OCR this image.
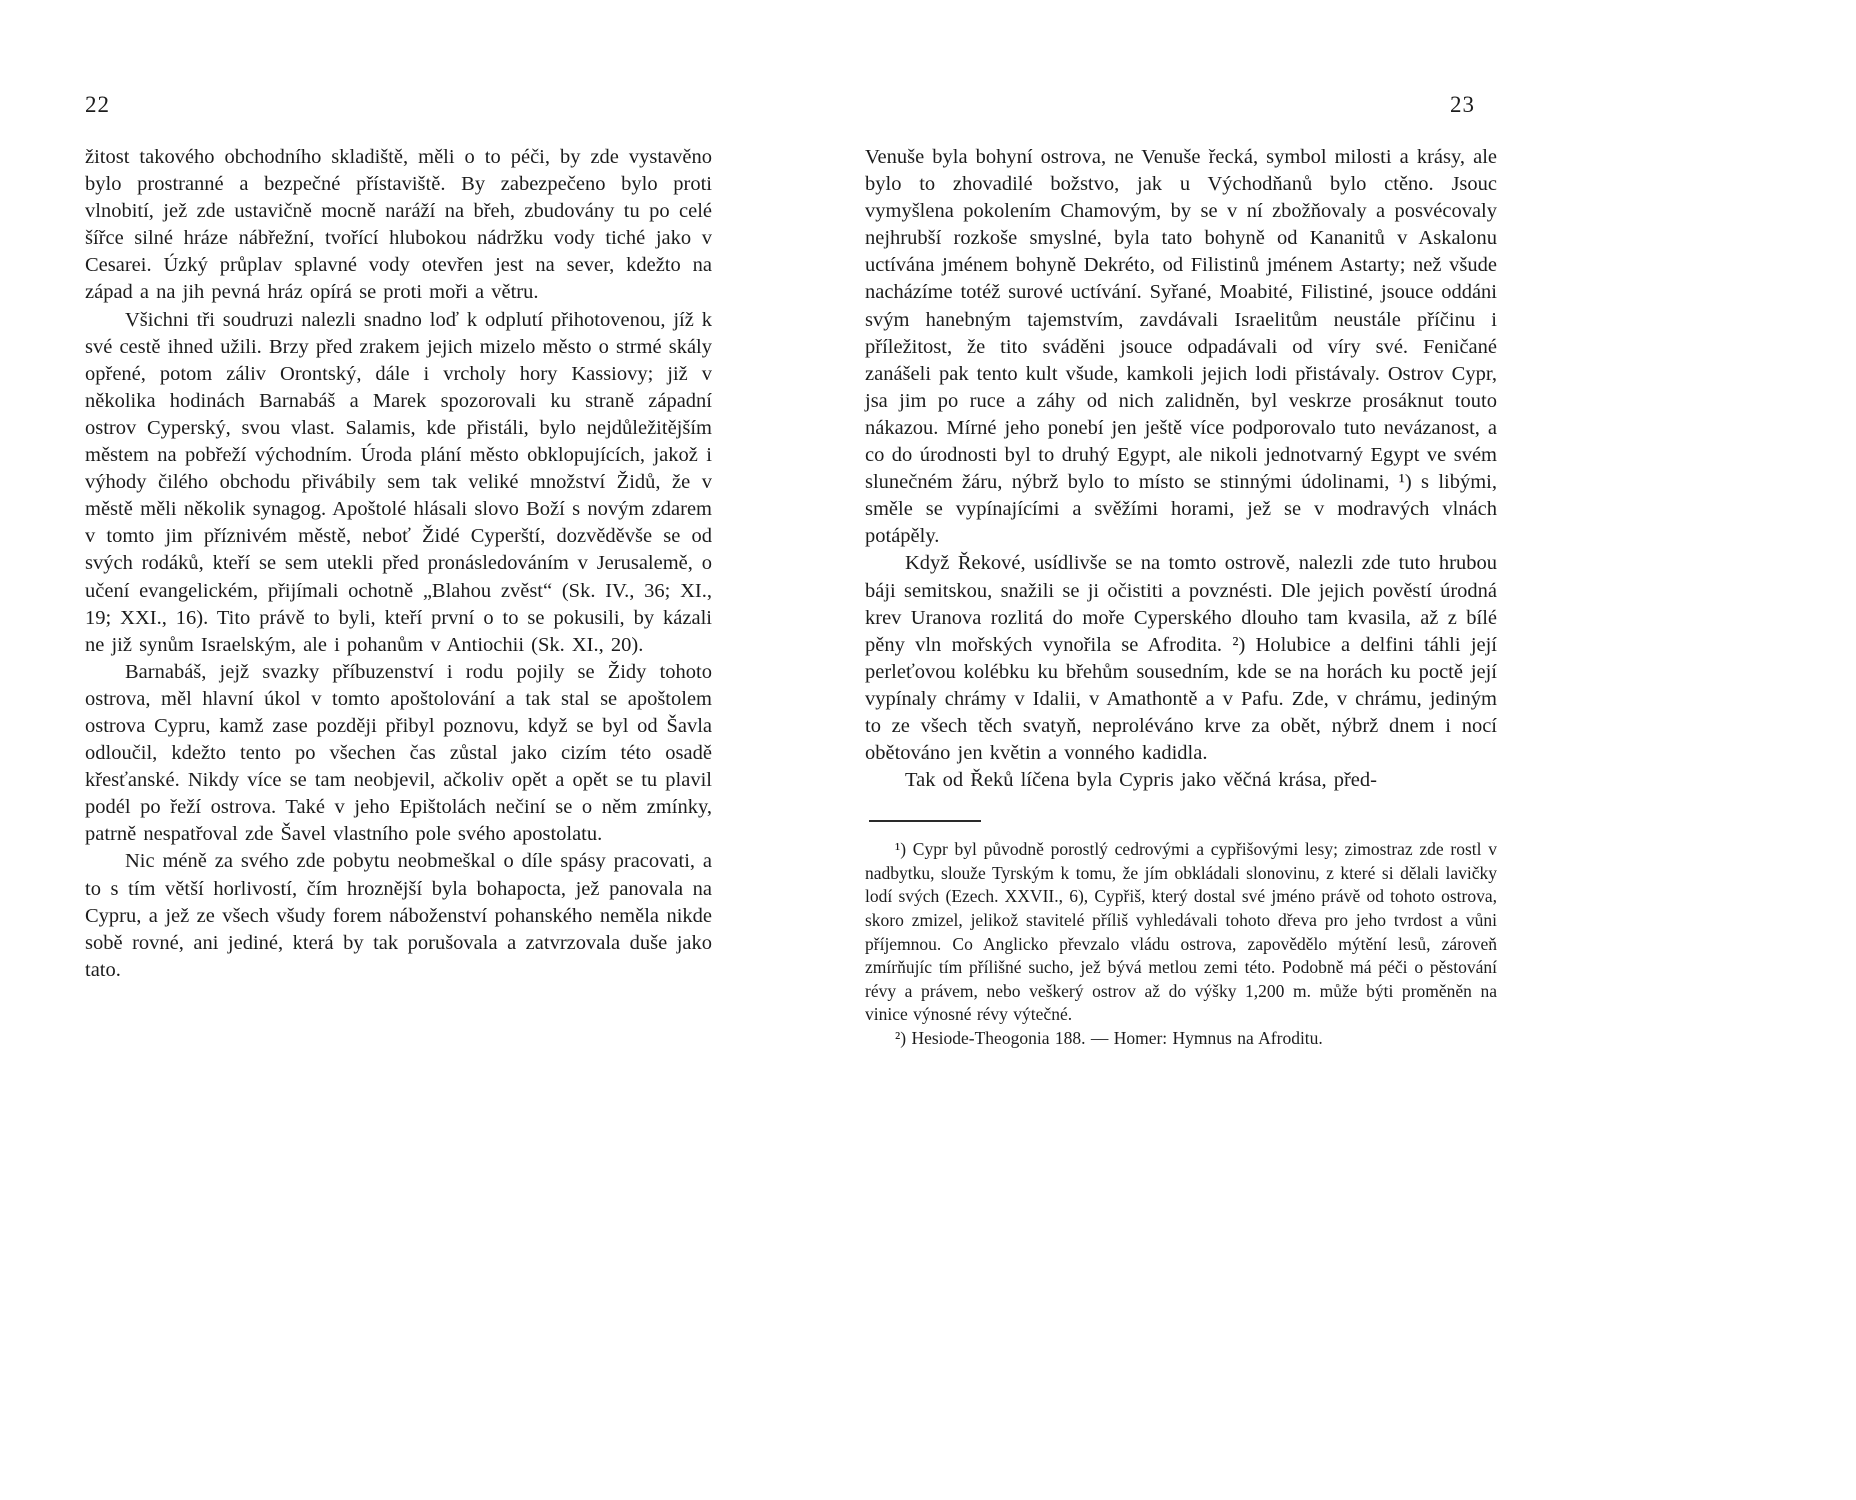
22

žitost takového obchodního skladiště, měli o to péči, by zde vystavěno bylo prostranné a bezpečné přístaviště. By zabezpečeno bylo proti vlnobití, jež zde ustavičně mocně naráží na břeh, zbudovány tu po celé šířce silné hráze nábřežní, tvořící hlubokou nádržku vody tiché jako v Cesarei. Úzký průplav splavné vody otevřen jest na sever, kdežto na západ a na jih pevná hráz opírá se proti moři a větru.

Všichni tři soudruzi nalezli snadno loď k odplutí přihotovenou, jíž k své cestě ihned užili. Brzy před zrakem jejich mizelo město o strmé skály opřené, potom záliv Orontský, dále i vrcholy hory Kassiovy; již v několika hodinách Barnabáš a Marek spozorovali ku straně západní ostrov Cyperský, svou vlast. Salamis, kde přistáli, bylo nejdůležitějším městem na pobřeží východním. Úroda plání město obklopujících, jakož i výhody čilého obchodu přivábily sem tak veliké množství Židů, že v městě měli několik synagog. Apoštolé hlásali slovo Boží s novým zdarem v tomto jim příznivém městě, neboť Židé Cyperští, dozvěděvše se od svých rodáků, kteří se sem utekli před pronásledováním v Jerusalemě, o učení evangelickém, přijímali ochotně „Blahou zvěst“ (Sk. IV., 36; XI., 19; XXI., 16). Tito právě to byli, kteří první o to se pokusili, by kázali ne již synům Israelským, ale i pohanům v Antiochii (Sk. XI., 20).

Barnabáš, jejž svazky příbuzenství i rodu pojily se Židy tohoto ostrova, měl hlavní úkol v tomto apoštolování a tak stal se apoštolem ostrova Cypru, kamž zase později přibyl poznovu, když se byl od Šavla odloučil, kdežto tento po všechen čas zůstal jako cizím této osadě křesťanské. Nikdy více se tam neobjevil, ačkoliv opět a opět se tu plavil podél po řeží ostrova. Také v jeho Epištolách nečiní se o něm zmínky, patrně nespatřoval zde Šavel vlastního pole svého apostolatu.

Nic méně za svého zde pobytu neobmeškal o díle spásy pracovati, a to s tím větší horlivostí, čím hroznější byla bohapocta, jež panovala na Cypru, a jež ze všech všudy forem náboženství pohanského neměla nikde sobě rovné, ani jediné, která by tak porušovala a zatvrzovala duše jako tato.

23

Venuše byla bohyní ostrova, ne Venuše řecká, symbol milosti a krásy, ale bylo to zhovadilé božstvo, jak u Východňanů bylo ctěno. Jsouc vymyšlena pokolením Chamovým, by se v ní zbožňovaly a posvécovaly nejhrubší rozkoše smyslné, byla tato bohyně od Kananitů v Askalonu uctívána jménem bohyně Dekréto, od Filistinů jménem Astarty; než všude nacházíme totéž surové uctívání. Syřané, Moabité, Filistiné, jsouce oddáni svým hanebným tajemstvím, zavdávali Israelitům neustále příčinu i příležitost, že tito sváděni jsouce odpadávali od víry své. Feničané zanášeli pak tento kult všude, kamkoli jejich lodi přistávaly. Ostrov Cypr, jsa jim po ruce a záhy od nich zalidněn, byl veskrze prosáknut touto nákazou. Mírné jeho ponebí jen ještě více podporovalo tuto nevázanost, a co do úrodnosti byl to druhý Egypt, ale nikoli jednotvarný Egypt ve svém slunečném žáru, nýbrž bylo to místo se stinnými údolinami, ¹) s libými, směle se vypínajícími a svěžími horami, jež se v modravých vlnách potápěly.

Když Řekové, usídlivše se na tomto ostrově, nalezli zde tuto hrubou báji semitskou, snažili se ji očistiti a povznésti. Dle jejich pověstí úrodná krev Uranova rozlitá do moře Cyperského dlouho tam kvasila, až z bílé pěny vln mořských vynořila se Afrodita. ²) Holubice a delfini táhli její perleťovou kolébku ku břehům sousedním, kde se na horách ku poctě její vypínaly chrámy v Idalii, v Amathontě a v Pafu. Zde, v chrámu, jediným to ze všech těch svatyň, neproléváno krve za obět, nýbrž dnem i nocí obětováno jen květin a vonného kadidla.

Tak od Řeků líčena byla Cypris jako věčná krása, před-

¹) Cypr byl původně porostlý cedrovými a cypřišovými lesy; zimostraz zde rostl v nadbytku, slouže Tyrským k tomu, že jím obkládali slonovinu, z které si dělali lavičky lodí svých (Ezech. XXVII., 6), Cypřiš, který dostal své jméno právě od tohoto ostrova, skoro zmizel, jelikož stavitelé příliš vyhledávali tohoto dřeva pro jeho tvrdost a vůni příjemnou. Co Anglicko převzalo vládu ostrova, zapovědělo mýtění lesů, zároveň zmírňujíc tím přílišné sucho, jež bývá metlou zemi této. Podobně má péči o pěstování révy a právem, nebo veškerý ostrov až do výšky 1,200 m. může býti proměněn na vinice výnosné révy výtečné.

²) Hesiode-Theogonia 188. — Homer: Hymnus na Afroditu.
